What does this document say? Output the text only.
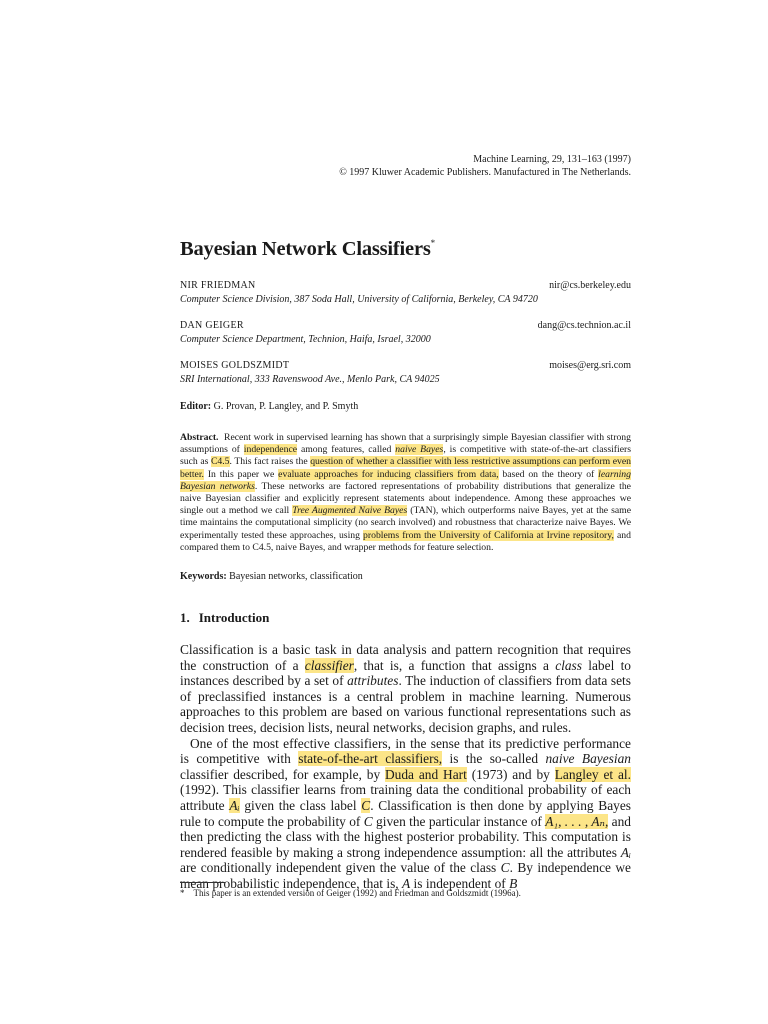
Machine Learning, 29, 131–163 (1997)
© 1997 Kluwer Academic Publishers. Manufactured in The Netherlands.
Bayesian Network Classifiers*
NIR FRIEDMAN	nir@cs.berkeley.edu
Computer Science Division, 387 Soda Hall, University of California, Berkeley, CA 94720
DAN GEIGER	dang@cs.technion.ac.il
Computer Science Department, Technion, Haifa, Israel, 32000
MOISES GOLDSZMIDT	moises@erg.sri.com
SRI International, 333 Ravenswood Ave., Menlo Park, CA 94025
Editor: G. Provan, P. Langley, and P. Smyth
Abstract. Recent work in supervised learning has shown that a surprisingly simple Bayesian classifier with strong assumptions of independence among features, called naive Bayes, is competitive with state-of-the-art classifiers such as C4.5. This fact raises the question of whether a classifier with less restrictive assumptions can perform even better. In this paper we evaluate approaches for inducing classifiers from data, based on the theory of learning Bayesian networks. These networks are factored representations of probability distributions that generalize the naive Bayesian classifier and explicitly represent statements about independence. Among these approaches we single out a method we call Tree Augmented Naive Bayes (TAN), which outperforms naive Bayes, yet at the same time maintains the computational simplicity (no search involved) and robustness that characterize naive Bayes. We experimentally tested these approaches, using problems from the University of California at Irvine repository, and compared them to C4.5, naive Bayes, and wrapper methods for feature selection.
Keywords: Bayesian networks, classification
1. Introduction

Classification is a basic task in data analysis and pattern recognition that requires the construction of a classifier, that is, a function that assigns a class label to instances described by a set of attributes. The induction of classifiers from data sets of preclassified instances is a central problem in machine learning. Numerous approaches to this problem are based on various functional representations such as decision trees, decision lists, neural networks, decision graphs, and rules.

One of the most effective classifiers, in the sense that its predictive performance is competitive with state-of-the-art classifiers, is the so-called naive Bayesian classifier described, for example, by Duda and Hart (1973) and by Langley et al. (1992). This classifier learns from training data the conditional probability of each attribute Aᵢ given the class label C. Classification is then done by applying Bayes rule to compute the probability of C given the particular instance of A₁, . . . , Aₙ, and then predicting the class with the highest posterior probability. This computation is rendered feasible by making a strong independence assumption: all the attributes Aᵢ are conditionally independent given the value of the class C. By independence we mean probabilistic independence, that is, A is independent of B

* This paper is an extended version of Geiger (1992) and Friedman and Goldszmidt (1996a).
